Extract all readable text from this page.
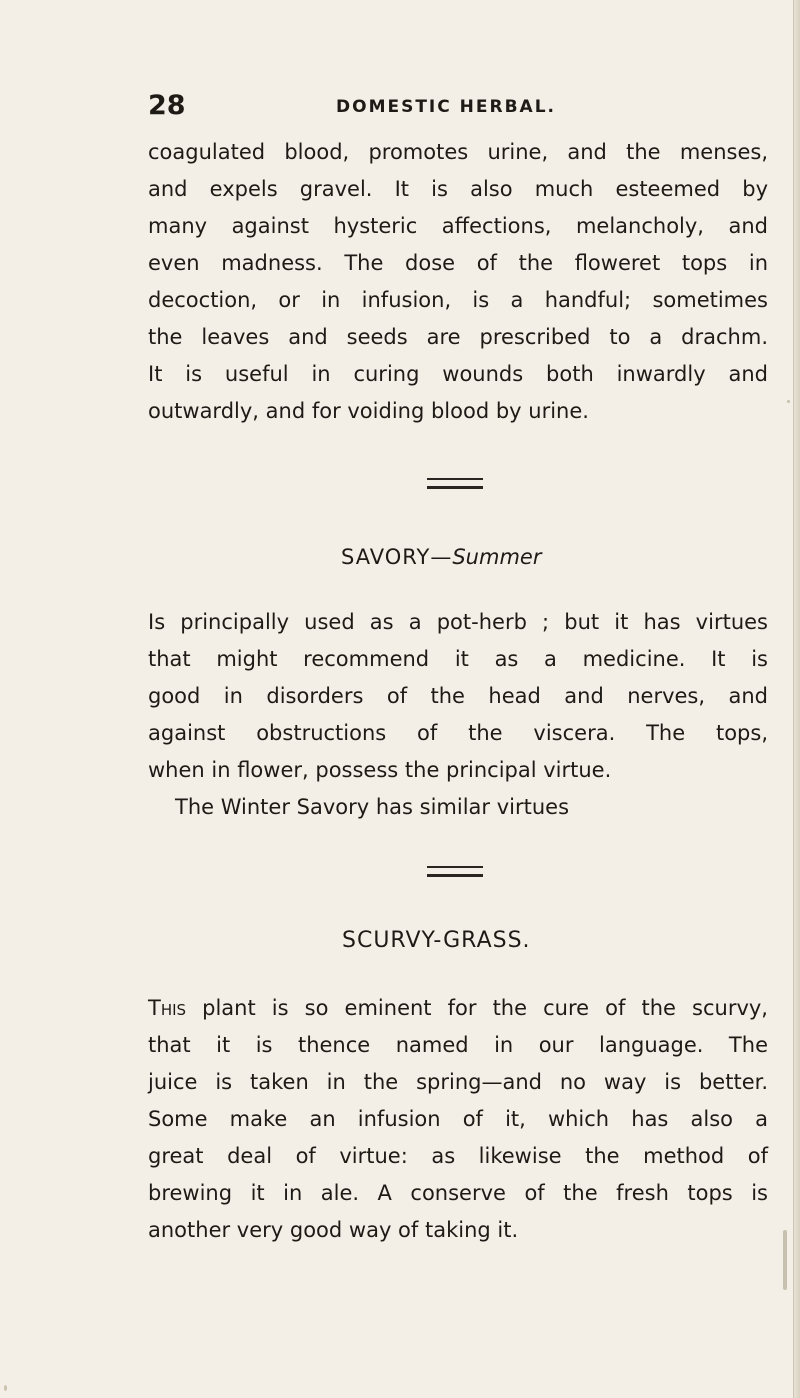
28	DOMESTIC HERBAL.
coagulated blood, promotes urine, and the menses,
and expels gravel. It is also much esteemed by
many against hysteric affections, melancholy, and
even madness. The dose of the floweret tops in
decoction, or in infusion, is a handful; sometimes
the leaves and seeds are prescribed to a drachm.
It is useful in curing wounds both inwardly and
outwardly, and for voiding blood by urine.
SAVORY—Summer
Is principally used as a pot-herb ; but it has virtues
that might recommend it as a medicine. It is
good in disorders of the head and nerves, and
against obstructions of the viscera. The tops,
when in flower, possess the principal virtue.
The Winter Savory has similar virtues
SCURVY-GRASS.
This plant is so eminent for the cure of the scurvy,
that it is thence named in our language. The
juice is taken in the spring—and no way is better.
Some make an infusion of it, which has also a
great deal of virtue: as likewise the method of
brewing it in ale. A conserve of the fresh tops is
another very good way of taking it.
